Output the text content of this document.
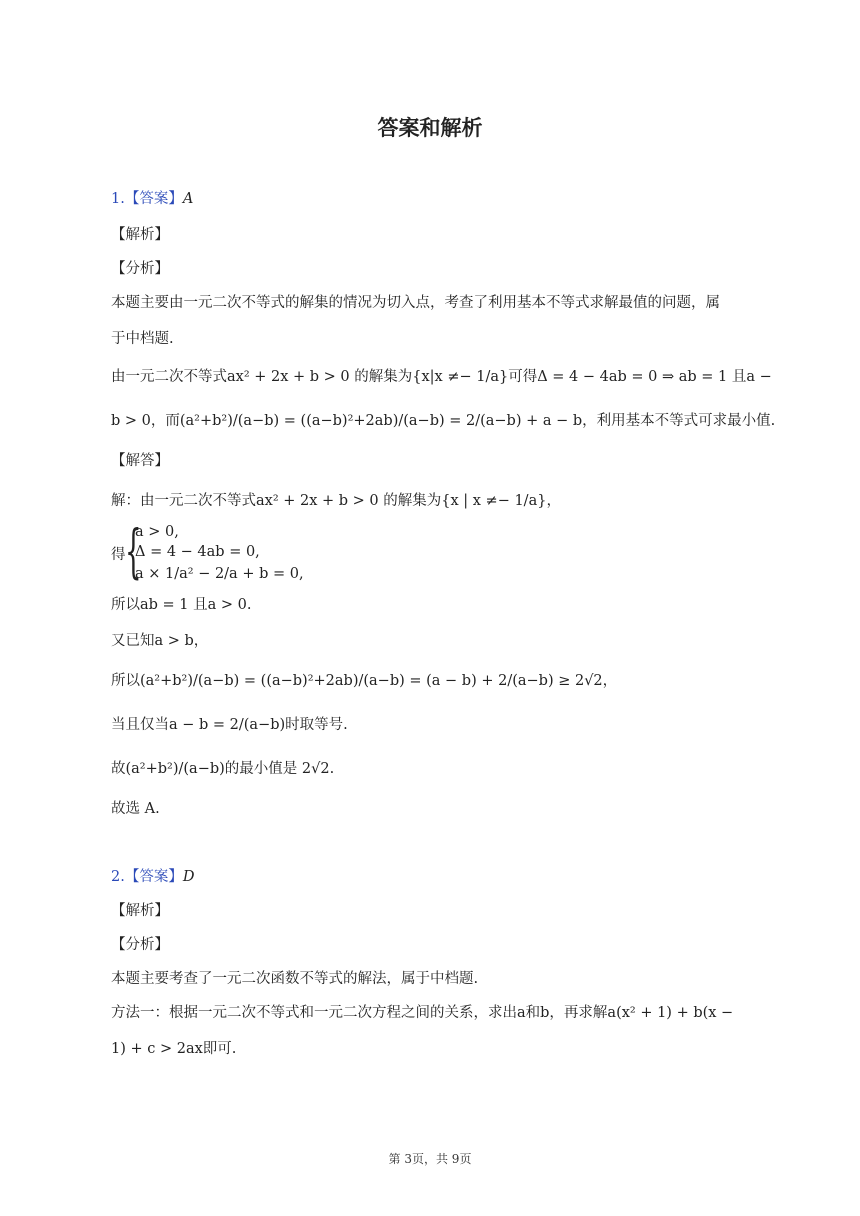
答案和解析
1.【答案】A
【解析】
【分析】
本题主要由一元二次不等式的解集的情况为切入点，考查了利用基本不等式求解最值的问题，属
于中档题.
由一元二次不等式ax² + 2x + b > 0 的解集为{x|x ≠− 1/a}可得Δ = 4 − 4ab = 0 ⇒ ab = 1 且a −
b > 0，而(a²+b²)/(a−b) = ((a−b)²+2ab)/(a−b) = 2/(a−b) + a − b，利用基本不等式可求最小值.
【解答】
解：由一元二次不等式ax² + 2x + b > 0 的解集为{x | x ≠− 1/a}，
得 {
a > 0,
Δ = 4 − 4ab = 0,
a × 1/a² − 2/a + b = 0,
所以ab = 1 且a > 0.
又已知a > b，
所以(a²+b²)/(a−b) = ((a−b)²+2ab)/(a−b) = (a − b) + 2/(a−b) ≥ 2√2，
当且仅当a − b = 2/(a−b)时取等号.
故(a²+b²)/(a−b)的最小值是 2√2.
故选 A.
2.【答案】D
【解析】
【分析】
本题主要考查了一元二次函数不等式的解法，属于中档题.
方法一：根据一元二次不等式和一元二次方程之间的关系，求出a和b，再求解a(x² + 1) + b(x −
1) + c > 2ax即可.
第 3页，共 9页
